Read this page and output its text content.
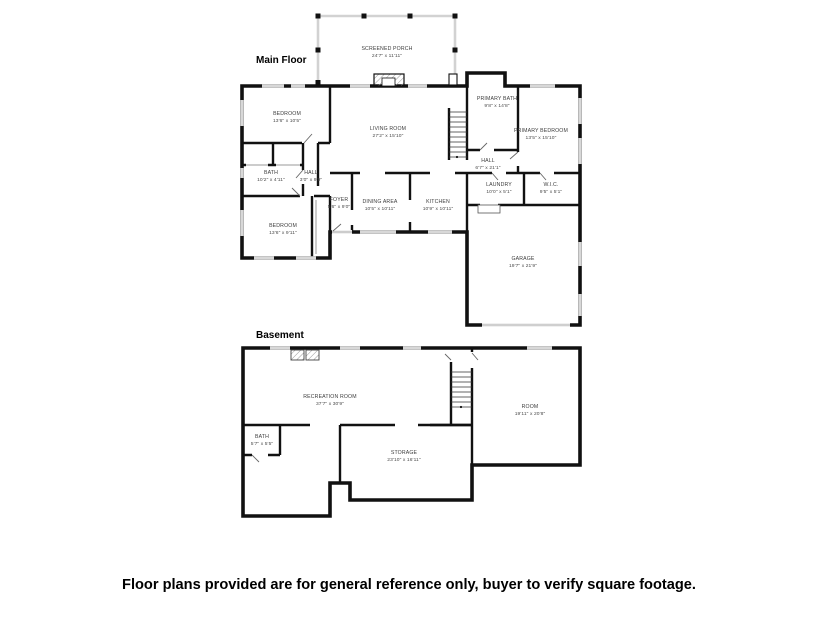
SCREENED PORCH
24'7" x 11'11"
BEDROOM
13'6" x 10'5"
LIVING ROOM
27'2" x 15'10"
PRIMARY BATH
9'8" x 14'8"
PRIMARY BEDROOM
13'5" x 15'10"
BATH
10'2" x 4'11"
HALL
3'0" x 9'9"
FOYER
5'6" x 9'0"
DINING AREA
10'5" x 10'11"
KITCHEN
10'9" x 10'11"
HALL
6'7" x 21'1"
LAUNDRY
10'0" x 5'1"
W.I.C.
9'5" x 5'1"
BEDROOM
13'6" x 9'11"
GARAGE
19'7" x 21'9"
RECREATION ROOM
37'7" x 30'9"	ROOM
19'11" x 20'8"
BATH
5'7" x 5'5"
STORAGE
23'10" x 16'11"
Main Floor
Basement
Floor plans provided are for general reference only, buyer to verify square footage.
